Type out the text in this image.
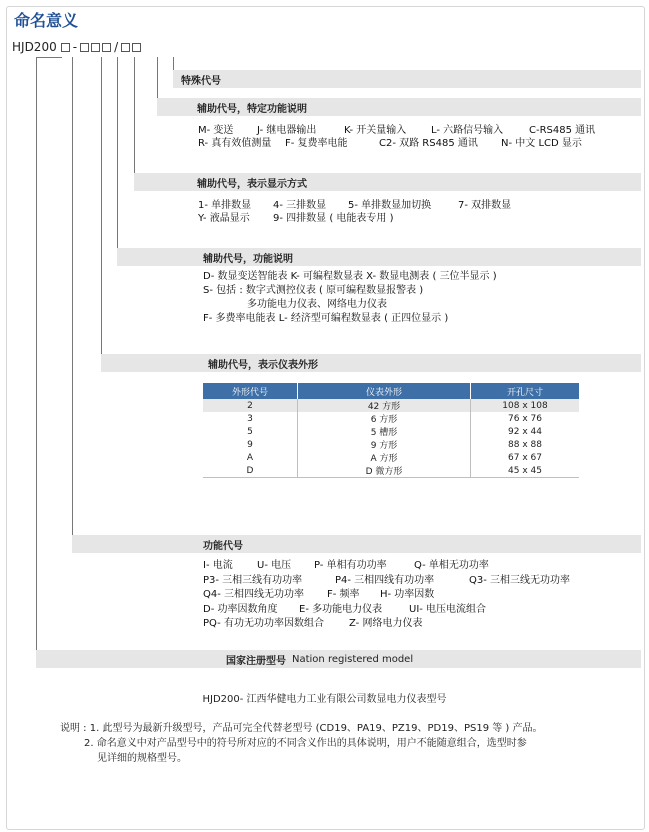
命名意义
HJD200 -	/
特殊代号
辅助代号，特定功能说明
辅助代号，表示显示方式
辅助代号，功能说明
辅助代号，表示仪表外形
功能代号
M- 变送	J- 继电器输出	K- 开关量输入	L- 六路信号输入	C-RS485 通讯
R- 真有效值测量	F- 复费率电能	C2- 双路 RS485 通讯	N- 中文 LCD 显示
1- 单排数显	4- 三排数显	5- 单排数显加切换	7- 双排数显
Y- 液晶显示	9- 四排数显 ( 电能表专用 )
D- 数显变送智能表 K- 可编程数显表 X- 数显电测表 ( 三位半显示 )
S- 包括 : 数字式测控仪表 ( 原可编程数显报警表 )
多功能电力仪表、网络电力仪表
F- 多费率电能表 L- 经济型可编程数显表 ( 正四位显示 )
外形代号	仪表外形	开孔尺寸
2	42 方形	108 x 108
3	6 方形	76 x 76
5	5 槽形	92 x 44
9	9 方形	88 x 88
A	A 方形	67 x 67
D	D 微方形	45 x 45
I- 电流	U- 电压	P- 单相有功功率	Q- 单相无功功率
P3- 三相三线有功功率	P4- 三相四线有功功率	Q3- 三相三线无功功率
Q4- 三相四线无功功率	F- 频率	H- 功率因数
D- 功率因数角度	E- 多功能电力仪表	UI- 电压电流组合
PQ- 有功无功功率因数组合	Z- 网络电力仪表
国家注册型号 Nation registered model
HJD200- 江西华健电力工业有限公司数显电力仪表型号
说明 : 1. 此型号为最新升级型号，产品可完全代替老型号 (CD19、PA19、PZ19、PD19、PS19 等 ) 产品。
2. 命名意义中对产品型号中的符号所对应的不同含义作出的具体说明，用户不能随意组合，选型时参
见详细的规格型号。
